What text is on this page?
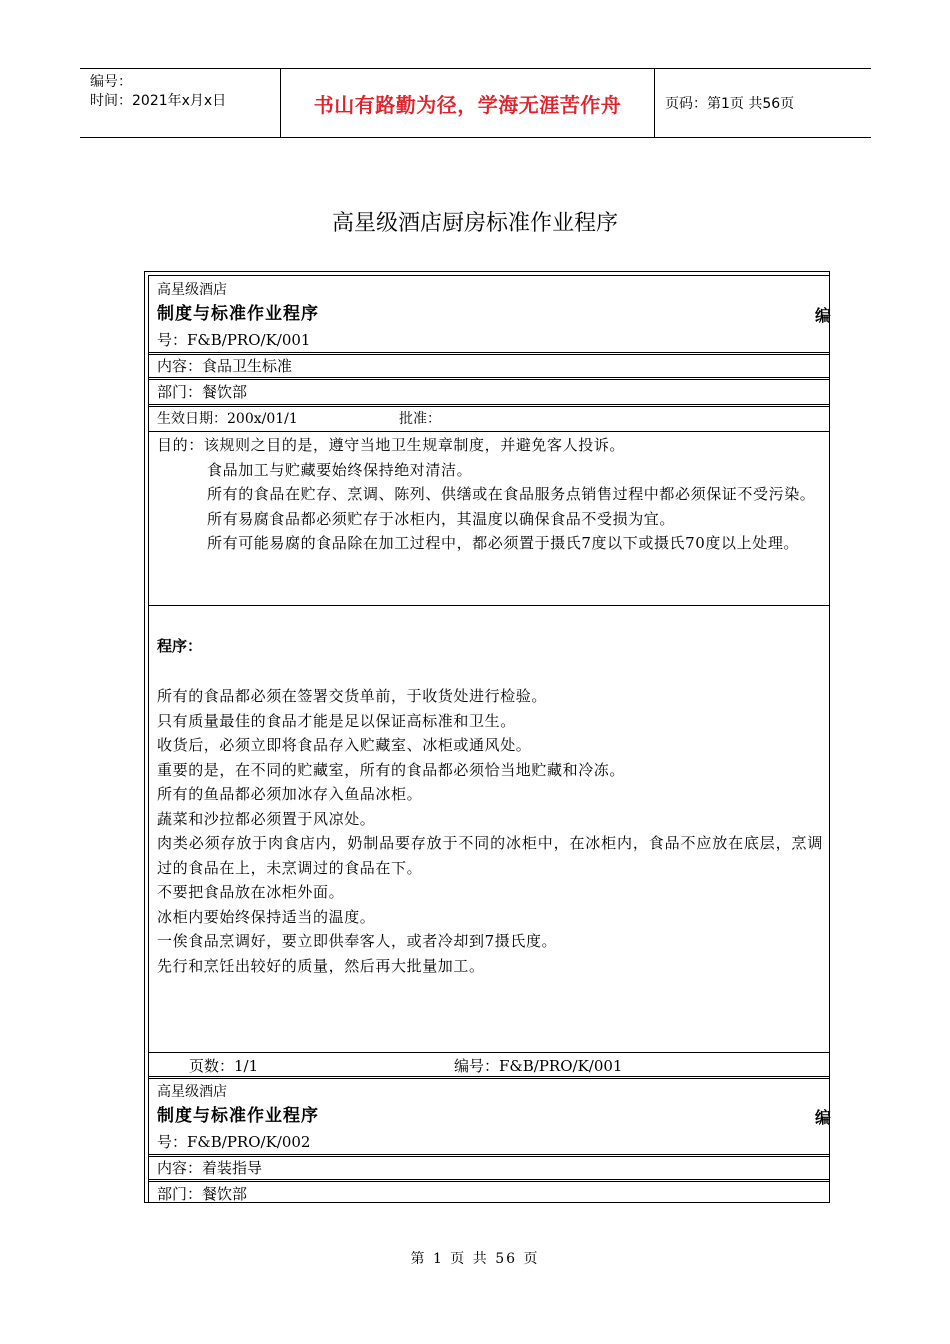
编号：
时间：2021年x月x日	书山有路勤为径，学海无涯苦作舟	页码：第1页 共56页
高星级酒店厨房标准作业程序
高星级酒店
制度与标准作业程序	编
号：F&B/PRO/K/001
内容：食品卫生标准
部门：餐饮部
生效日期：200x/01/1	批准：

目的：该规则之目的是，遵守当地卫生规章制度，并避免客人投诉。

食品加工与贮藏要始终保持绝对清洁。

所有的食品在贮存、烹调、陈列、供缮或在食品服务点销售过程中都必须保证不受污染。

所有易腐食品都必须贮存于冰柜内，其温度以确保食品不受损为宜。

所有可能易腐的食品除在加工过程中，都必须置于摄氏7度以下或摄氏70度以上处理。

程序：

所有的食品都必须在签署交货单前，于收货处进行检验。

只有质量最佳的食品才能是足以保证高标准和卫生。

收货后，必须立即将食品存入贮藏室、冰柜或通风处。

重要的是，在不同的贮藏室，所有的食品都必须恰当地贮藏和冷冻。

所有的鱼品都必须加冰存入鱼品冰柜。

蔬菜和沙拉都必须置于风凉处。

肉类必须存放于肉食店内，奶制品要存放于不同的冰柜中，在冰柜内，食品不应放在底层，烹调过的食品在上，未烹调过的食品在下。

不要把食品放在冰柜外面。

冰柜内要始终保持适当的温度。

一俟食品烹调好，要立即供奉客人，或者冷却到7摄氏度。

先行和烹饪出较好的质量，然后再大批量加工。

页数：1/1	编号：F&B/PRO/K/001
高星级酒店
制度与标准作业程序	编
号：F&B/PRO/K/002
内容：着装指导
部门：餐饮部
第 1 页 共 56 页
